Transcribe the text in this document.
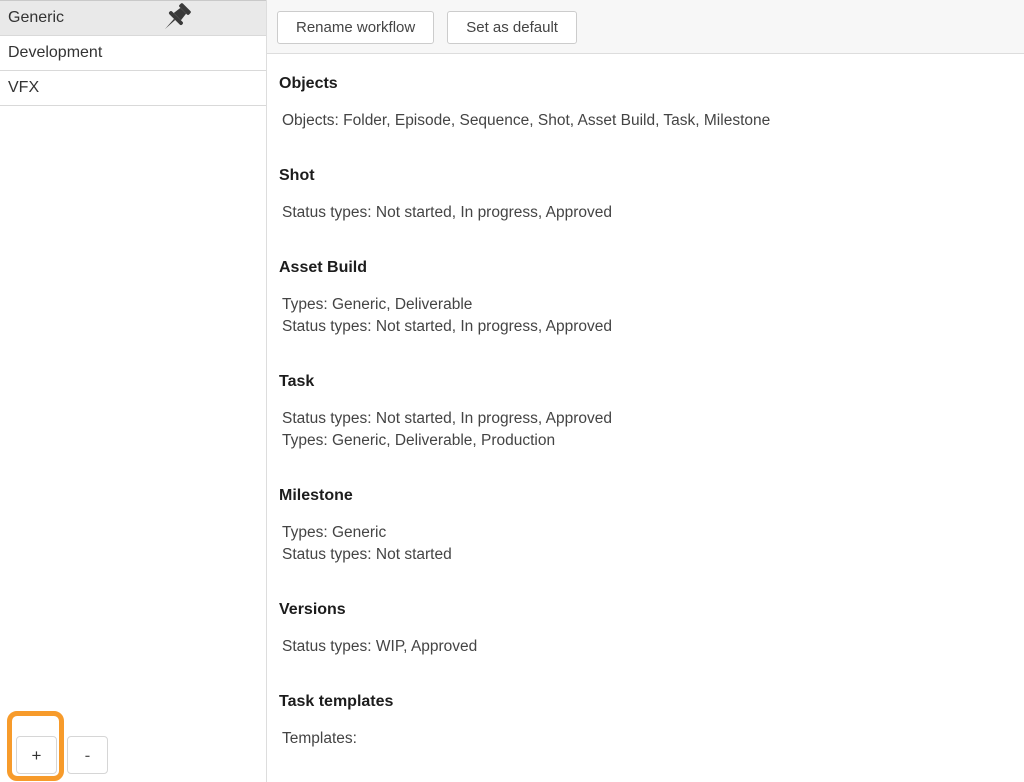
Generic
Development
VFX
+	-
Rename workflow	Set as default
Objects
Objects: Folder, Episode, Sequence, Shot, Asset Build, Task, Milestone
Shot
Status types: Not started, In progress, Approved
Asset Build
Types: Generic, Deliverable
Status types: Not started, In progress, Approved
Task
Status types: Not started, In progress, Approved
Types: Generic, Deliverable, Production
Milestone
Types: Generic
Status types: Not started
Versions
Status types: WIP, Approved
Task templates
Templates:
